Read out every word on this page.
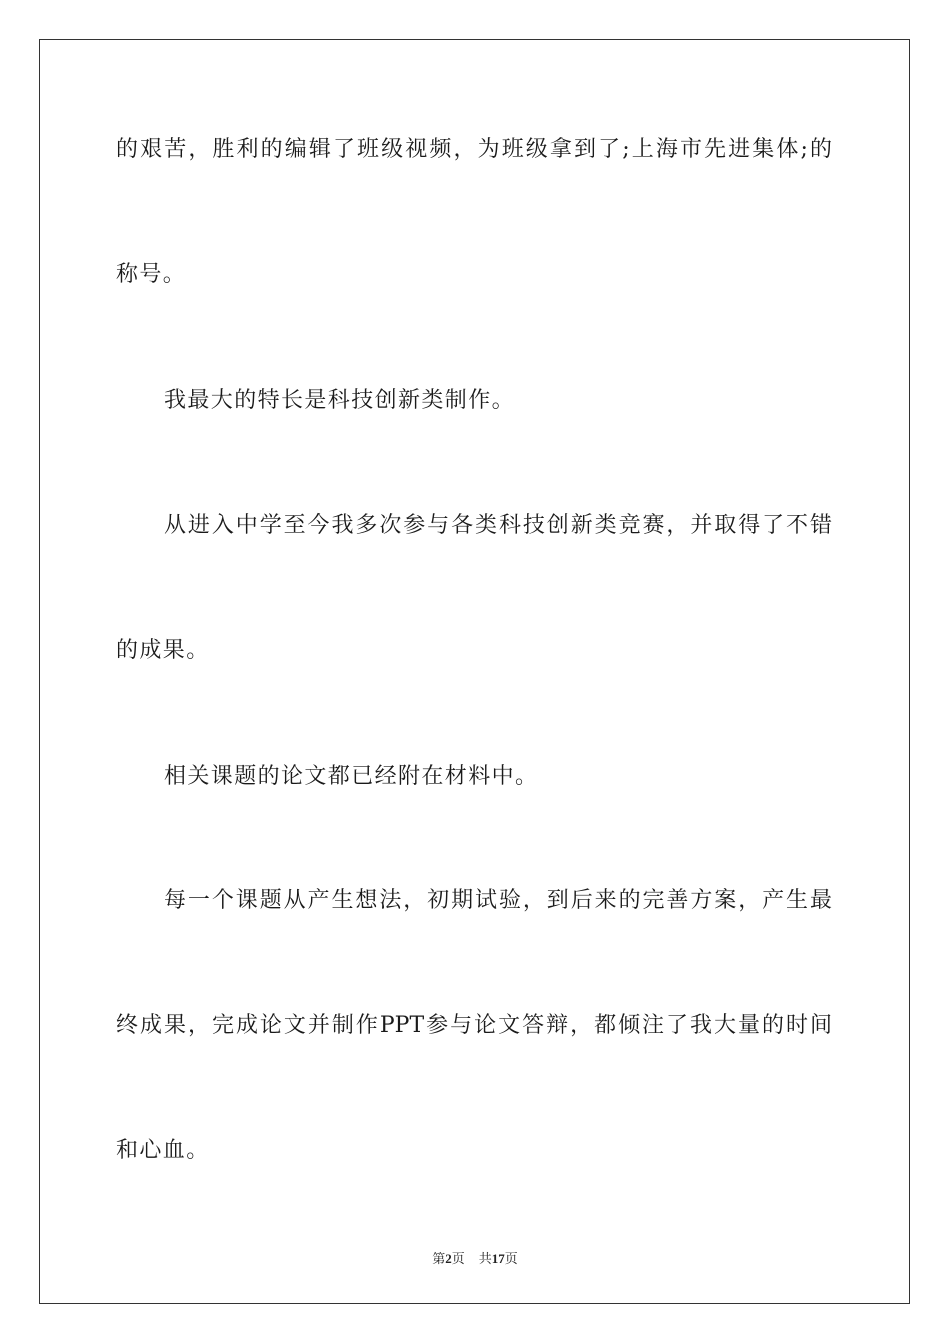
的艰苦，胜利的编辑了班级视频，为班级拿到了;上海市先进集体;的
称号。
我最大的特长是科技创新类制作。
从进入中学至今我多次参与各类科技创新类竞赛，并取得了不错
的成果。
相关课题的论文都已经附在材料中。
每一个课题从产生想法，初期试验，到后来的完善方案，产生最
终成果，完成论文并制作PPT参与论文答辩，都倾注了我大量的时间
和心血。
第2页 共17页
